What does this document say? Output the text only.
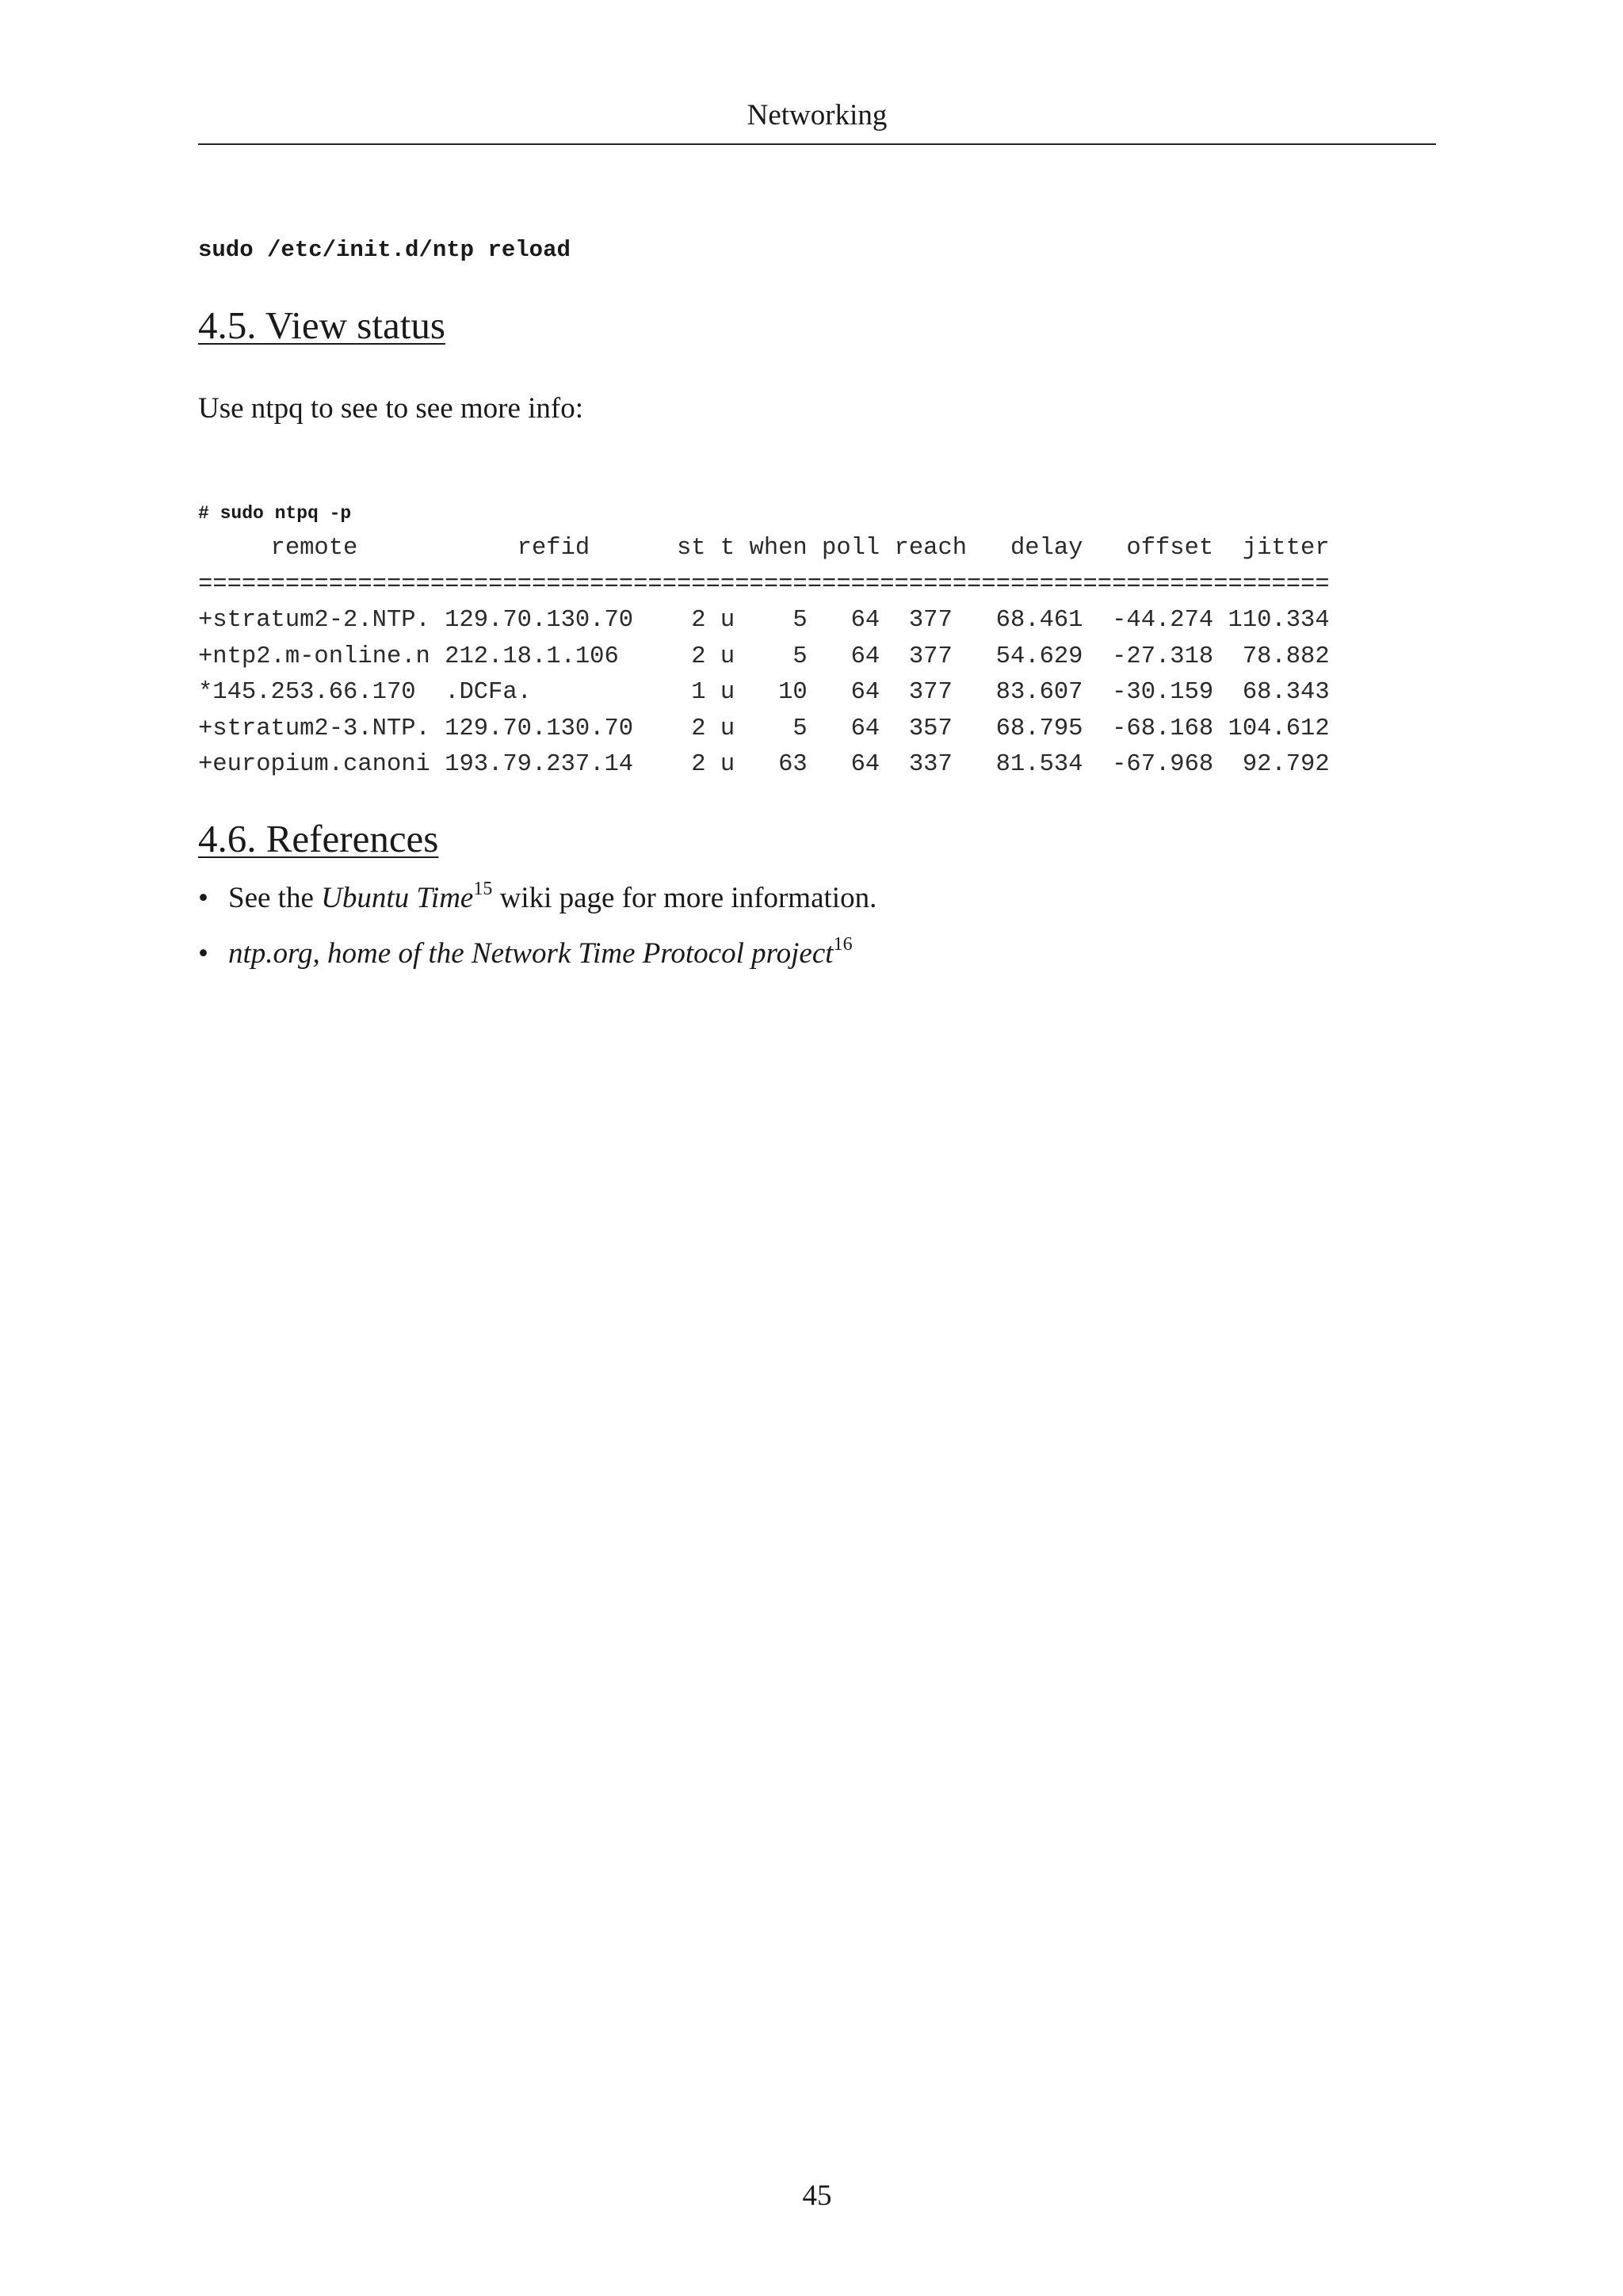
Networking
sudo /etc/init.d/ntp reload
4.5. View status
Use ntpq to see to see more info:
# sudo ntpq -p
remote           refid      st t when poll reach   delay   offset  jitter
==============================================================================
+stratum2-2.NTP. 129.70.130.70    2 u    5   64  377   68.461  -44.274 110.334
+ntp2.m-online.n 212.18.1.106     2 u    5   64  377   54.629  -27.318  78.882
*145.253.66.170  .DCFa.           1 u   10   64  377   83.607  -30.159  68.343
+stratum2-3.NTP. 129.70.130.70    2 u    5   64  357   68.795  -68.168 104.612
+europium.canoni 193.79.237.14    2 u   63   64  337   81.534  -67.968  92.792
4.6. References
• See the Ubuntu Time$^{15}$ wiki page for more information.
• ntp.org, home of the Network Time Protocol project$^{16}$
45
